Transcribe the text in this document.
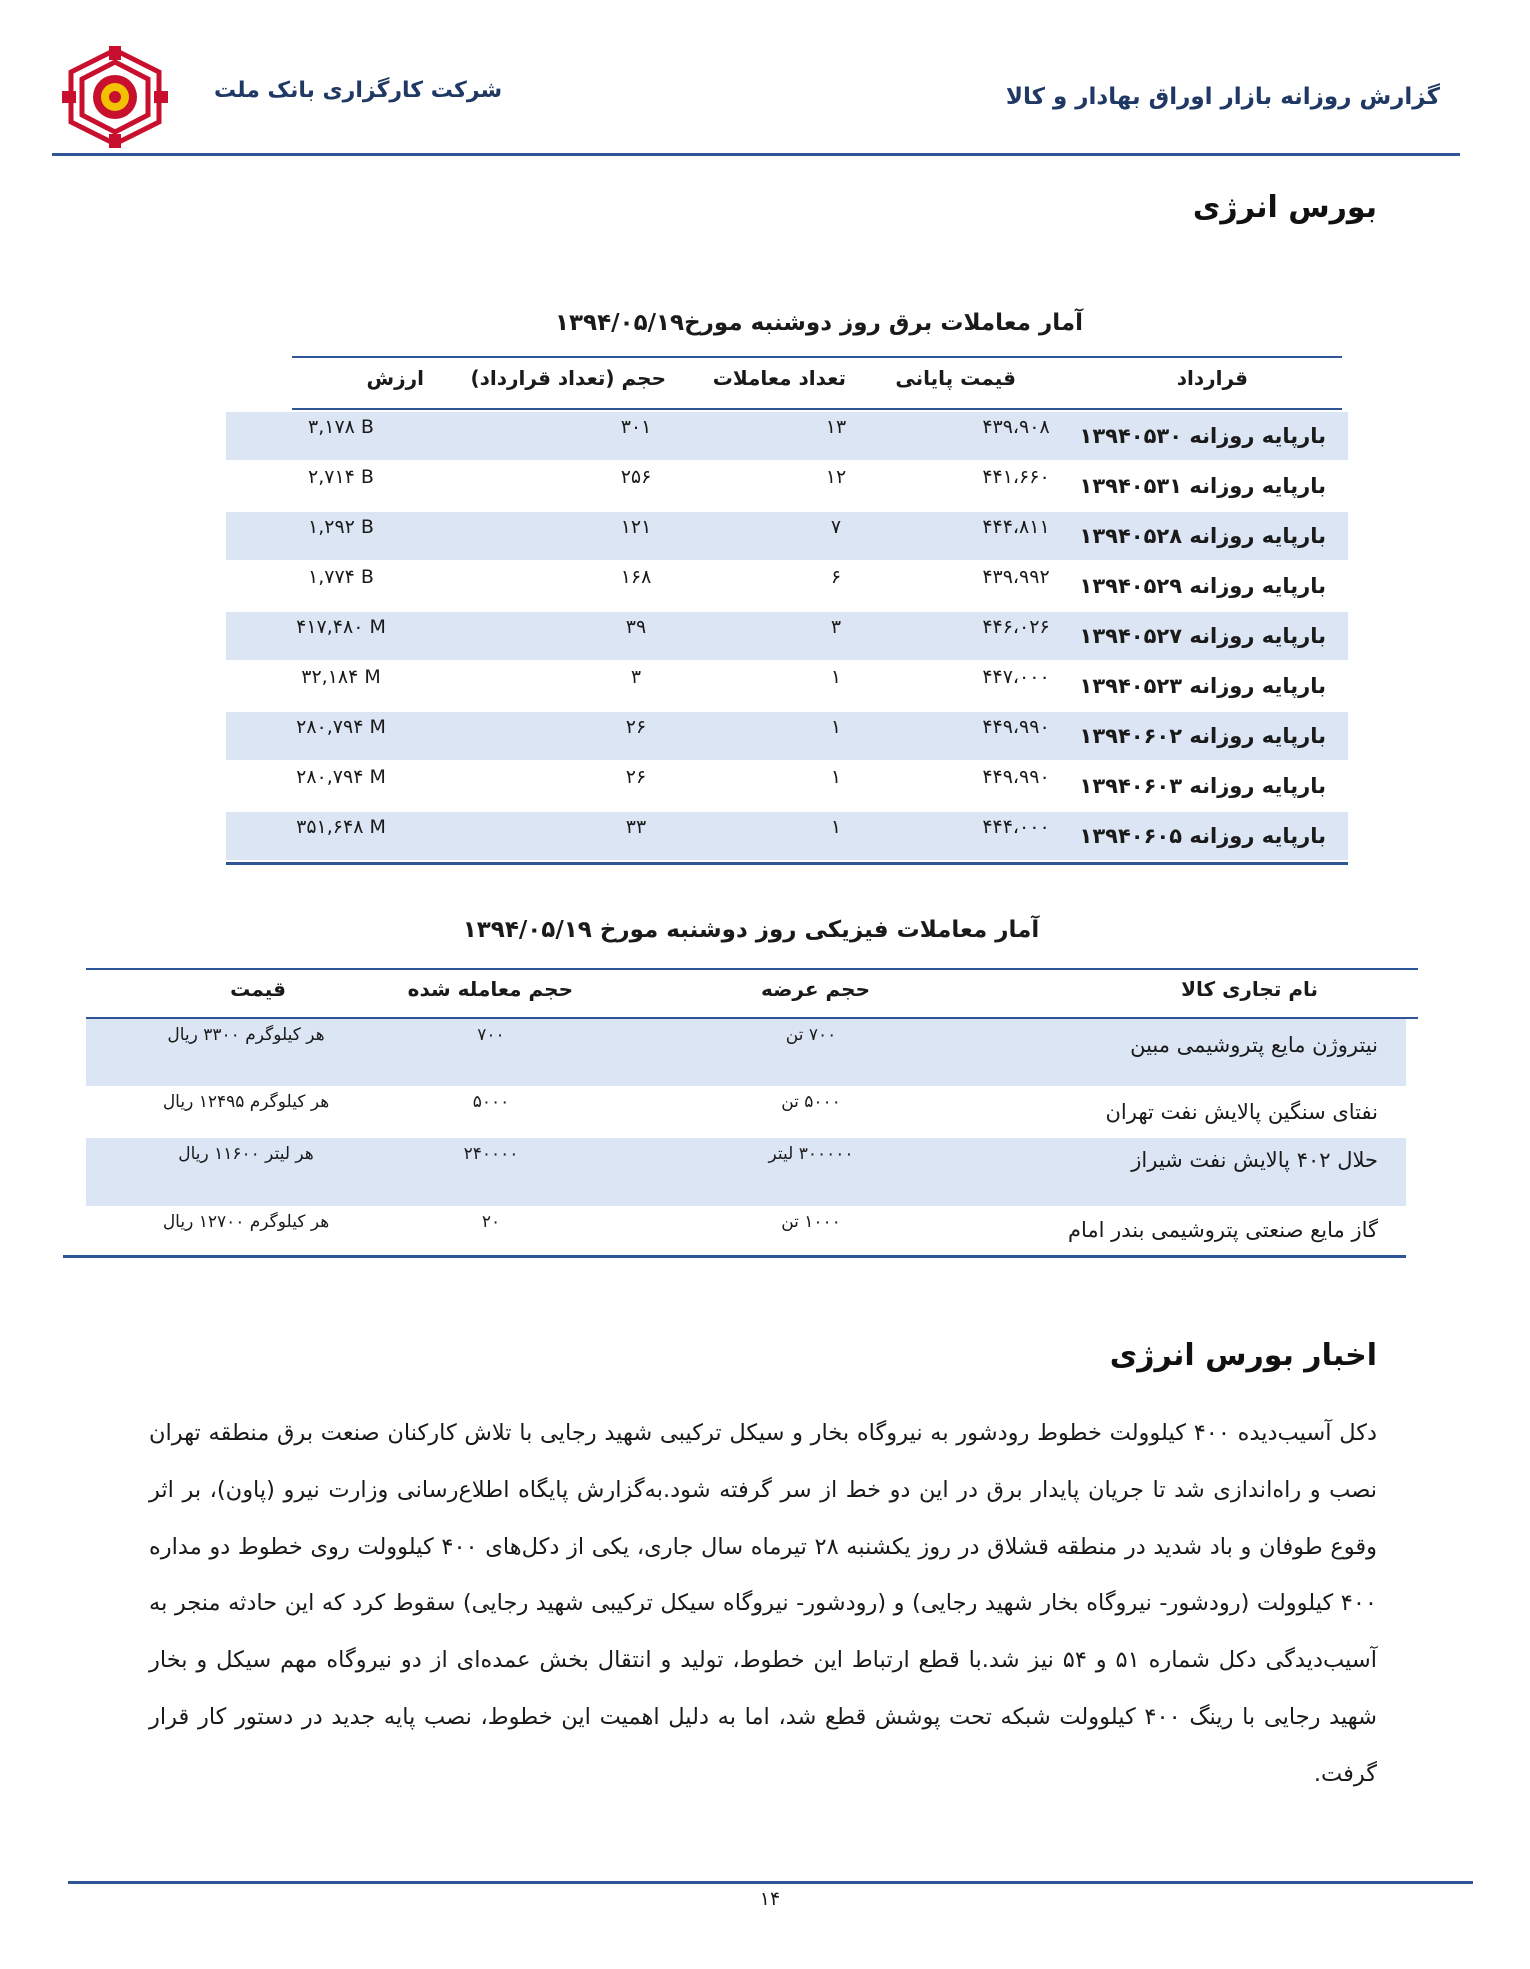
شرکت کارگزاری بانک ملت	گزارش روزانه بازار اوراق بهادار و کالا
بورس انرژی
آمار معاملات برق روز دوشنبه مورخ۱۳۹۴/۰۵/۱۹
قرارداد
قیمت پایانی
تعداد معاملات
حجم (تعداد قرارداد)
ارزش
بارپایه روزانه ۱۳۹۴۰۵۳۰
۴۳۹،۹۰۸
۱۳
۳۰۱
۳,۱۷۸ B
بارپایه روزانه ۱۳۹۴۰۵۳۱
۴۴۱،۶۶۰
۱۲
۲۵۶
۲,۷۱۴ B
بارپایه روزانه ۱۳۹۴۰۵۲۸
۴۴۴،۸۱۱
۷
۱۲۱
۱,۲۹۲ B
بارپایه روزانه ۱۳۹۴۰۵۲۹
۴۳۹،۹۹۲
۶
۱۶۸
۱,۷۷۴ B
بارپایه روزانه ۱۳۹۴۰۵۲۷
۴۴۶،۰۲۶
۳
۳۹
۴۱۷,۴۸۰ M
بارپایه روزانه ۱۳۹۴۰۵۲۳
۴۴۷،۰۰۰
۱
۳
۳۲,۱۸۴ M
بارپایه روزانه ۱۳۹۴۰۶۰۲
۴۴۹،۹۹۰
۱
۲۶
۲۸۰,۷۹۴ M
بارپایه روزانه ۱۳۹۴۰۶۰۳
۴۴۹،۹۹۰
۱
۲۶
۲۸۰,۷۹۴ M
بارپایه روزانه ۱۳۹۴۰۶۰۵
۴۴۴،۰۰۰
۱
۳۳
۳۵۱,۶۴۸ M
آمار معاملات فیزیکی روز دوشنبه مورخ ۱۳۹۴/۰۵/۱۹
نام تجاری کالا
حجم عرضه
حجم معامله شده
قیمت
نیتروژن مایع پتروشیمی مبین
۷۰۰ تن
۷۰۰
هر کیلوگرم ۳۳۰۰ ریال
نفتای سنگین پالایش نفت تهران
۵۰۰۰ تن
۵۰۰۰
هر کیلوگرم ۱۲۴۹۵ ریال
حلال ۴۰۲ پالایش نفت شیراز
۳۰۰۰۰۰ لیتر
۲۴۰۰۰۰
هر لیتر ۱۱۶۰۰ ریال
گاز مایع صنعتی پتروشیمی بندر امام
۱۰۰۰ تن
۲۰
هر کیلوگرم ۱۲۷۰۰ ریال
اخبار بورس انرژی
دکل آسیب‌دیده ۴۰۰ کیلوولت خطوط رودشور به نیروگاه بخار و سیکل ترکیبی شهید رجایی با تلاش کارکنان صنعت برق منطقه تهران نصب و راه‌اندازی شد تا جریان پایدار برق در این دو خط از سر گرفته شود.به‌گزارش پایگاه اطلاع‌رسانی وزارت نیرو (پاون)، بر اثر وقوع طوفان و باد شدید در منطقه قشلاق در روز یکشنبه ۲۸ تیرماه سال جاری، یکی از دکل‌های ۴۰۰ کیلوولت روی خطوط دو مداره ۴۰۰ کیلوولت (رودشور- نیروگاه بخار شهید رجایی) و (رودشور- نیروگاه سیکل ترکیبی شهید رجایی) سقوط کرد که این حادثه منجر به آسیب‌دیدگی دکل شماره ۵۱ و ۵۴ نیز شد.با قطع ارتباط این خطوط، تولید و انتقال بخش عمده‌ای از دو نیروگاه مهم سیکل و بخار شهید رجایی با رینگ ۴۰۰ کیلوولت شبکه تحت پوشش قطع شد، اما به دلیل اهمیت این خطوط، نصب پایه جدید در دستور کار قرار گرفت.
۱۴
